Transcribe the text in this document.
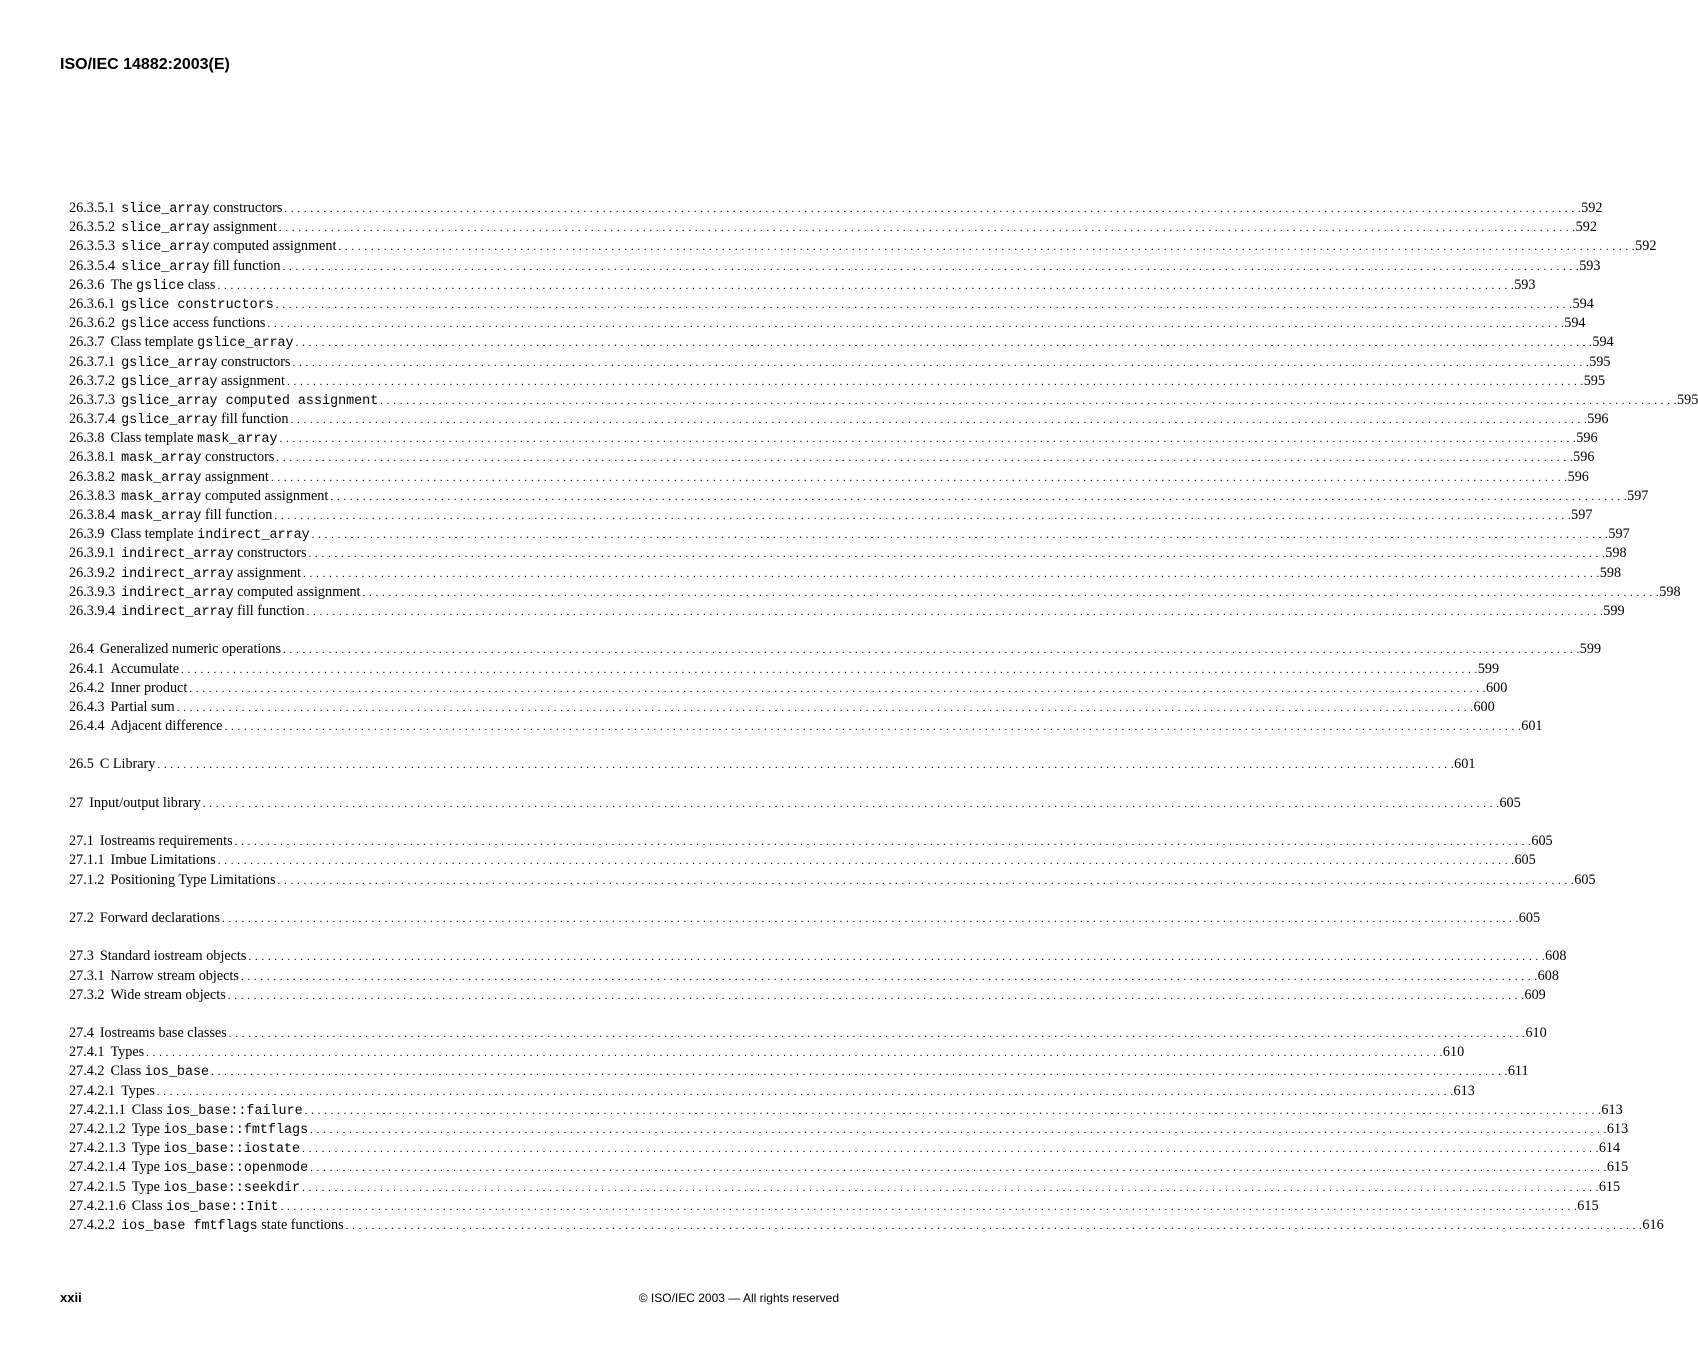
ISO/IEC 14882:2003(E)
26.3.5.1 slice_array constructors . . . . . . . . . . . . . . . . . . . . . . . . . . . . . . . . . . . . . . . . . . . . . . . . . . . . . . . . . . . . . . . . . . . . . . . . . . . . . . . . . . . . . . . . . . . . . . . . . . . . . . . . . . . . . . . . . . . . . . . . . . . . . . . . . . . . . . . . . . . . . . . . . . . . . . . . . . . . . . . . . . . . . . . . . . . . . . . . . . . . . . . . . . . . . . . . . . . . . . . . 592
26.3.5.2 slice_array assignment . . . . . . . . . . . . . . . . . . . . . . . . . . . . . . . . . . . . . . . . . . . . . . . . . . . . . . . . . . . . . . . . . . . . . . . . . . . . . . . . . . . . . . . . . . . . . . . . . . . . . . . . . . . . . . . . . . . . . . . . . . . . . . . . . . . . . . . . . . . . . . . . . . . . . . . . . . . . . . . . . . . . . . . . . . . . . . . . . . . . . . . . . . . . . . . . . . . . . . . . 592
26.3.5.3 slice_array computed assignment . . . . . . . . . . . . . . . . . . . . . . . . . . . . . . . . . . . . . . . . . . . . . . . . . . . . . . . . . . . . . . . . . . . . . . . . . . . . . . . . . . . . . . . . . . . . . . . . . . . . . . . . . . . . . . . . . . . . . . . . . . . . . . . . . . . . . . . . . . . . . . . . . . . . . . . . . . . . . . . . . . . . . . . . . . . . . . . . . . . . . . . . . . . . . . . . . . . . . . . . 592
26.3.5.4 slice_array fill function . . . . . . . . . . . . . . . . . . . . . . . . . . . . . . . . . . . . . . . . . . . . . . . . . . . . . . . . . . . . . . . . . . . . . . . . . . . . . . . . . . . . . . . . . . . . . . . . . . . . . . . . . . . . . . . . . . . . . . . . . . . . . . . . . . . . . . . . . . . . . . . . . . . . . . . . . . . . . . . . . . . . . . . . . . . . . . . . . . . . . . . . . . . . . . . . . . . . . . . . 593
26.3.6 The gslice class . . . . . . . . . . . . . . . . . . . . . . . . . . . . . . . . . . . . . . . . . . . . . . . . . . . . . . . . . . . . . . . . . . . . . . . . . . . . . . . . . . . . . . . . . . . . . . . . . . . . . . . . . . . . . . . . . . . . . . . . . . . . . . . . . . . . . . . . . . . . . . . . . . . . . . . . . . . . . . . . . . . . . . . . . . . . . . . . . . . . . . . . . . . . . . . . . . . . . . . . 593
26.3.6.1 gslice constructors . . . . . . . . . . . . . . . . . . . . . . . . . . . . . . . . . . . . . . . . . . . . . . . . . . . . . . . . . . . . . . . . . . . . . . . . . . . . . . . . . . . . . . . . . . . . . . . . . . . . . . . . . . . . . . . . . . . . . . . . . . . . . . . . . . . . . . . . . . . . . . . . . . . . . . . . . . . . . . . . . . . . . . . . . . . . . . . . . . . . . . . . . . . . . . . . . . . . . . . . 594
26.3.6.2 gslice access functions . . . . . . . . . . . . . . . . . . . . . . . . . . . . . . . . . . . . . . . . . . . . . . . . . . . . . . . . . . . . . . . . . . . . . . . . . . . . . . . . . . . . . . . . . . . . . . . . . . . . . . . . . . . . . . . . . . . . . . . . . . . . . . . . . . . . . . . . . . . . . . . . . . . . . . . . . . . . . . . . . . . . . . . . . . . . . . . . . . . . . . . . . . . . . . . . . . . . . . . . 594
26.3.7 Class template gslice_array . . . . . . . . . . . . . . . . . . . . . . . . . . . . . . . . . . . . . . . . . . . . . . . . . . . . . . . . . . . . . . . . . . . . . . . . . . . . . . . . . . . . . . . . . . . . . . . . . . . . . . . . . . . . . . . . . . . . . . . . . . . . . . . . . . . . . . . . . . . . . . . . . . . . . . . . . . . . . . . . . . . . . . . . . . . . . . . . . . . . . . . . . . . . . . . . . . . . . . . . 594
26.3.7.1 gslice_array constructors . . . . . . . . . . . . . . . . . . . . . . . . . . . . . . . . . . . . . . . . . . . . . . . . . . . . . . . . . . . . . . . . . . . . . . . . . . . . . . . . . . . . . . . . . . . . . . . . . . . . . . . . . . . . . . . . . . . . . . . . . . . . . . . . . . . . . . . . . . . . . . . . . . . . . . . . . . . . . . . . . . . . . . . . . . . . . . . . . . . . . . . . . . . . . . . . . . . . . . . . 595
26.3.7.2 gslice_array assignment . . . . . . . . . . . . . . . . . . . . . . . . . . . . . . . . . . . . . . . . . . . . . . . . . . . . . . . . . . . . . . . . . . . . . . . . . . . . . . . . . . . . . . . . . . . . . . . . . . . . . . . . . . . . . . . . . . . . . . . . . . . . . . . . . . . . . . . . . . . . . . . . . . . . . . . . . . . . . . . . . . . . . . . . . . . . . . . . . . . . . . . . . . . . . . . . . . . . . . . . 595
26.3.7.3 gslice_array computed assignment . . . . . . . . . . . . . . . . . . . . . . . . . . . . . . . . . . . . . . . . . . . . . . . . . . . . . . . . . . . . . . . . . . . . . . . . . . . . . . . . . . . . . . . . . . . . . . . . . . . . . . . . . . . . . . . . . . . . . . . . . . . . . . . . . . . . . . . . . . . . . . . . . . . . . . . . . . . . . . . . . . . . . . . . . . . . . . . . . . . . . . . . . . . . . . . . . . . . . . . . 595
26.3.7.4 gslice_array fill function . . . . . . . . . . . . . . . . . . . . . . . . . . . . . . . . . . . . . . . . . . . . . . . . . . . . . . . . . . . . . . . . . . . . . . . . . . . . . . . . . . . . . . . . . . . . . . . . . . . . . . . . . . . . . . . . . . . . . . . . . . . . . . . . . . . . . . . . . . . . . . . . . . . . . . . . . . . . . . . . . . . . . . . . . . . . . . . . . . . . . . . . . . . . . . . . . . . . . . . . 596
26.3.8 Class template mask_array . . . . . . . . . . . . . . . . . . . . . . . . . . . . . . . . . . . . . . . . . . . . . . . . . . . . . . . . . . . . . . . . . . . . . . . . . . . . . . . . . . . . . . . . . . . . . . . . . . . . . . . . . . . . . . . . . . . . . . . . . . . . . . . . . . . . . . . . . . . . . . . . . . . . . . . . . . . . . . . . . . . . . . . . . . . . . . . . . . . . . . . . . . . . . . . . . . . . . . . . 596
26.3.8.1 mask_array constructors . . . . . . . . . . . . . . . . . . . . . . . . . . . . . . . . . . . . . . . . . . . . . . . . . . . . . . . . . . . . . . . . . . . . . . . . . . . . . . . . . . . . . . . . . . . . . . . . . . . . . . . . . . . . . . . . . . . . . . . . . . . . . . . . . . . . . . . . . . . . . . . . . . . . . . . . . . . . . . . . . . . . . . . . . . . . . . . . . . . . . . . . . . . . . . . . . . . . . . . . 596
26.3.8.2 mask_array assignment . . . . . . . . . . . . . . . . . . . . . . . . . . . . . . . . . . . . . . . . . . . . . . . . . . . . . . . . . . . . . . . . . . . . . . . . . . . . . . . . . . . . . . . . . . . . . . . . . . . . . . . . . . . . . . . . . . . . . . . . . . . . . . . . . . . . . . . . . . . . . . . . . . . . . . . . . . . . . . . . . . . . . . . . . . . . . . . . . . . . . . . . . . . . . . . . . . . . . . . . 596
26.3.8.3 mask_array computed assignment . . . . . . . . . . . . . . . . . . . . . . . . . . . . . . . . . . . . . . . . . . . . . . . . . . . . . . . . . . . . . . . . . . . . . . . . . . . . . . . . . . . . . . . . . . . . . . . . . . . . . . . . . . . . . . . . . . . . . . . . . . . . . . . . . . . . . . . . . . . . . . . . . . . . . . . . . . . . . . . . . . . . . . . . . . . . . . . . . . . . . . . . . . . . . . . . . . . . . . . . 597
26.3.8.4 mask_array fill function . . . . . . . . . . . . . . . . . . . . . . . . . . . . . . . . . . . . . . . . . . . . . . . . . . . . . . . . . . . . . . . . . . . . . . . . . . . . . . . . . . . . . . . . . . . . . . . . . . . . . . . . . . . . . . . . . . . . . . . . . . . . . . . . . . . . . . . . . . . . . . . . . . . . . . . . . . . . . . . . . . . . . . . . . . . . . . . . . . . . . . . . . . . . . . . . . . . . . . . . 597
26.3.9 Class template indirect_array . . . . . . . . . . . . . . . . . . . . . . . . . . . . . . . . . . . . . . . . . . . . . . . . . . . . . . . . . . . . . . . . . . . . . . . . . . . . . . . . . . . . . . . . . . . . . . . . . . . . . . . . . . . . . . . . . . . . . . . . . . . . . . . . . . . . . . . . . . . . . . . . . . . . . . . . . . . . . . . . . . . . . . . . . . . . . . . . . . . . . . . . . . . . . . . . . . . . . . . . 597
26.3.9.1 indirect_array constructors . . . . . . . . . . . . . . . . . . . . . . . . . . . . . . . . . . . . . . . . . . . . . . . . . . . . . . . . . . . . . . . . . . . . . . . . . . . . . . . . . . . . . . . . . . . . . . . . . . . . . . . . . . . . . . . . . . . . . . . . . . . . . . . . . . . . . . . . . . . . . . . . . . . . . . . . . . . . . . . . . . . . . . . . . . . . . . . . . . . . . . . . . . . . . . . . . . . . . . . . 598
26.3.9.2 indirect_array assignment . . . . . . . . . . . . . . . . . . . . . . . . . . . . . . . . . . . . . . . . . . . . . . . . . . . . . . . . . . . . . . . . . . . . . . . . . . . . . . . . . . . . . . . . . . . . . . . . . . . . . . . . . . . . . . . . . . . . . . . . . . . . . . . . . . . . . . . . . . . . . . . . . . . . . . . . . . . . . . . . . . . . . . . . . . . . . . . . . . . . . . . . . . . . . . . . . . . . . . . . 598
26.3.9.3 indirect_array computed assignment . . . . . . . . . . . . . . . . . . . . . . . . . . . . . . . . . . . . . . . . . . . . . . . . . . . . . . . . . . . . . . . . . . . . . . . . . . . . . . . . . . . . . . . . . . . . . . . . . . . . . . . . . . . . . . . . . . . . . . . . . . . . . . . . . . . . . . . . . . . . . . . . . . . . . . . . . . . . . . . . . . . . . . . . . . . . . . . . . . . . . . . . . . . . . . . . . . . . . . . . 598
26.3.9.4 indirect_array fill function . . . . . . . . . . . . . . . . . . . . . . . . . . . . . . . . . . . . . . . . . . . . . . . . . . . . . . . . . . . . . . . . . . . . . . . . . . . . . . . . . . . . . . . . . . . . . . . . . . . . . . . . . . . . . . . . . . . . . . . . . . . . . . . . . . . . . . . . . . . . . . . . . . . . . . . . . . . . . . . . . . . . . . . . . . . . . . . . . . . . . . . . . . . . . . . . . . . . . . . . 599
26.4 Generalized numeric operations . . . . . . . . . . . . . . . . . . . . . . . . . . . . . . . . . . . . . . . . . . . . . . . . . . . . . . . . . . . . . . . . . . . . . . . . . . . . . . . . . . . . . . . . . . . . . . . . . . . . . . . . . . . . . . . . . . . . . . . . . . . . . . . . . . . . . . . . . . . . . . . . . . . . . . . . . . . . . . . . . . . . . . . . . . . . . . . . . . . . . . . . . . . . . . . . . . . . . . . . 599
26.4.1 Accumulate . . . . . . . . . . . . . . . . . . . . . . . . . . . . . . . . . . . . . . . . . . . . . . . . . . . . . . . . . . . . . . . . . . . . . . . . . . . . . . . . . . . . . . . . . . . . . . . . . . . . . . . . . . . . . . . . . . . . . . . . . . . . . . . . . . . . . . . . . . . . . . . . . . . . . . . . . . . . . . . . . . . . . . . . . . . . . . . . . . . . . . . . . . . . . . . . . . . . . . . . 599
26.4.2 Inner product . . . . . . . . . . . . . . . . . . . . . . . . . . . . . . . . . . . . . . . . . . . . . . . . . . . . . . . . . . . . . . . . . . . . . . . . . . . . . . . . . . . . . . . . . . . . . . . . . . . . . . . . . . . . . . . . . . . . . . . . . . . . . . . . . . . . . . . . . . . . . . . . . . . . . . . . . . . . . . . . . . . . . . . . . . . . . . . . . . . . . . . . . . . . . . . . . . . . . . . . 600
26.4.3 Partial sum . . . . . . . . . . . . . . . . . . . . . . . . . . . . . . . . . . . . . . . . . . . . . . . . . . . . . . . . . . . . . . . . . . . . . . . . . . . . . . . . . . . . . . . . . . . . . . . . . . . . . . . . . . . . . . . . . . . . . . . . . . . . . . . . . . . . . . . . . . . . . . . . . . . . . . . . . . . . . . . . . . . . . . . . . . . . . . . . . . . . . . . . . . . . . . . . . . . . . . . . 600
26.4.4 Adjacent difference . . . . . . . . . . . . . . . . . . . . . . . . . . . . . . . . . . . . . . . . . . . . . . . . . . . . . . . . . . . . . . . . . . . . . . . . . . . . . . . . . . . . . . . . . . . . . . . . . . . . . . . . . . . . . . . . . . . . . . . . . . . . . . . . . . . . . . . . . . . . . . . . . . . . . . . . . . . . . . . . . . . . . . . . . . . . . . . . . . . . . . . . . . . . . . . . . . . . . . . . 601
26.5 C Library . . . . . . . . . . . . . . . . . . . . . . . . . . . . . . . . . . . . . . . . . . . . . . . . . . . . . . . . . . . . . . . . . . . . . . . . . . . . . . . . . . . . . . . . . . . . . . . . . . . . . . . . . . . . . . . . . . . . . . . . . . . . . . . . . . . . . . . . . . . . . . . . . . . . . . . . . . . . . . . . . . . . . . . . . . . . . . . . . . . . . . . . . . . . . . . . . . . . . . . . 601
27 Input/output library . . . . . . . . . . . . . . . . . . . . . . . . . . . . . . . . . . . . . . . . . . . . . . . . . . . . . . . . . . . . . . . . . . . . . . . . . . . . . . . . . . . . . . . . . . . . . . . . . . . . . . . . . . . . . . . . . . . . . . . . . . . . . . . . . . . . . . . . . . . . . . . . . . . . . . . . . . . . . . . . . . . . . . . . . . . . . . . . . . . . . . . . . . . . . . . . . . . . . . . . 605
27.1 Iostreams requirements . . . . . . . . . . . . . . . . . . . . . . . . . . . . . . . . . . . . . . . . . . . . . . . . . . . . . . . . . . . . . . . . . . . . . . . . . . . . . . . . . . . . . . . . . . . . . . . . . . . . . . . . . . . . . . . . . . . . . . . . . . . . . . . . . . . . . . . . . . . . . . . . . . . . . . . . . . . . . . . . . . . . . . . . . . . . . . . . . . . . . . . . . . . . . . . . . . . . . . . . 605
27.1.1 Imbue Limitations . . . . . . . . . . . . . . . . . . . . . . . . . . . . . . . . . . . . . . . . . . . . . . . . . . . . . . . . . . . . . . . . . . . . . . . . . . . . . . . . . . . . . . . . . . . . . . . . . . . . . . . . . . . . . . . . . . . . . . . . . . . . . . . . . . . . . . . . . . . . . . . . . . . . . . . . . . . . . . . . . . . . . . . . . . . . . . . . . . . . . . . . . . . . . . . . . . . . . . . . 605
27.1.2 Positioning Type Limitations . . . . . . . . . . . . . . . . . . . . . . . . . . . . . . . . . . . . . . . . . . . . . . . . . . . . . . . . . . . . . . . . . . . . . . . . . . . . . . . . . . . . . . . . . . . . . . . . . . . . . . . . . . . . . . . . . . . . . . . . . . . . . . . . . . . . . . . . . . . . . . . . . . . . . . . . . . . . . . . . . . . . . . . . . . . . . . . . . . . . . . . . . . . . . . . . . . . . . . . . 605
27.2 Forward declarations . . . . . . . . . . . . . . . . . . . . . . . . . . . . . . . . . . . . . . . . . . . . . . . . . . . . . . . . . . . . . . . . . . . . . . . . . . . . . . . . . . . . . . . . . . . . . . . . . . . . . . . . . . . . . . . . . . . . . . . . . . . . . . . . . . . . . . . . . . . . . . . . . . . . . . . . . . . . . . . . . . . . . . . . . . . . . . . . . . . . . . . . . . . . . . . . . . . . . . . . 605
27.3 Standard iostream objects . . . . . . . . . . . . . . . . . . . . . . . . . . . . . . . . . . . . . . . . . . . . . . . . . . . . . . . . . . . . . . . . . . . . . . . . . . . . . . . . . . . . . . . . . . . . . . . . . . . . . . . . . . . . . . . . . . . . . . . . . . . . . . . . . . . . . . . . . . . . . . . . . . . . . . . . . . . . . . . . . . . . . . . . . . . . . . . . . . . . . . . . . . . . . . . . . . . . . . . . 608
27.3.1 Narrow stream objects . . . . . . . . . . . . . . . . . . . . . . . . . . . . . . . . . . . . . . . . . . . . . . . . . . . . . . . . . . . . . . . . . . . . . . . . . . . . . . . . . . . . . . . . . . . . . . . . . . . . . . . . . . . . . . . . . . . . . . . . . . . . . . . . . . . . . . . . . . . . . . . . . . . . . . . . . . . . . . . . . . . . . . . . . . . . . . . . . . . . . . . . . . . . . . . . . . . . . . . . 608
27.3.2 Wide stream objects . . . . . . . . . . . . . . . . . . . . . . . . . . . . . . . . . . . . . . . . . . . . . . . . . . . . . . . . . . . . . . . . . . . . . . . . . . . . . . . . . . . . . . . . . . . . . . . . . . . . . . . . . . . . . . . . . . . . . . . . . . . . . . . . . . . . . . . . . . . . . . . . . . . . . . . . . . . . . . . . . . . . . . . . . . . . . . . . . . . . . . . . . . . . . . . . . . . . . . . . 609
27.4 Iostreams base classes . . . . . . . . . . . . . . . . . . . . . . . . . . . . . . . . . . . . . . . . . . . . . . . . . . . . . . . . . . . . . . . . . . . . . . . . . . . . . . . . . . . . . . . . . . . . . . . . . . . . . . . . . . . . . . . . . . . . . . . . . . . . . . . . . . . . . . . . . . . . . . . . . . . . . . . . . . . . . . . . . . . . . . . . . . . . . . . . . . . . . . . . . . . . . . . . . . . . . . . . 610
27.4.1 Types . . . . . . . . . . . . . . . . . . . . . . . . . . . . . . . . . . . . . . . . . . . . . . . . . . . . . . . . . . . . . . . . . . . . . . . . . . . . . . . . . . . . . . . . . . . . . . . . . . . . . . . . . . . . . . . . . . . . . . . . . . . . . . . . . . . . . . . . . . . . . . . . . . . . . . . . . . . . . . . . . . . . . . . . . . . . . . . . . . . . . . . . . . . . . . . . . . . . . . . . 610
27.4.2 Class ios_base . . . . . . . . . . . . . . . . . . . . . . . . . . . . . . . . . . . . . . . . . . . . . . . . . . . . . . . . . . . . . . . . . . . . . . . . . . . . . . . . . . . . . . . . . . . . . . . . . . . . . . . . . . . . . . . . . . . . . . . . . . . . . . . . . . . . . . . . . . . . . . . . . . . . . . . . . . . . . . . . . . . . . . . . . . . . . . . . . . . . . . . . . . . . . . . . . . . . . . . . 611
27.4.2.1 Types . . . . . . . . . . . . . . . . . . . . . . . . . . . . . . . . . . . . . . . . . . . . . . . . . . . . . . . . . . . . . . . . . . . . . . . . . . . . . . . . . . . . . . . . . . . . . . . . . . . . . . . . . . . . . . . . . . . . . . . . . . . . . . . . . . . . . . . . . . . . . . . . . . . . . . . . . . . . . . . . . . . . . . . . . . . . . . . . . . . . . . . . . . . . . . . . . . . . . . . . 613
27.4.2.1.1 Class ios_base::failure . . . . . . . . . . . . . . . . . . . . . . . . . . . . . . . . . . . . . . . . . . . . . . . . . . . . . . . . . . . . . . . . . . . . . . . . . . . . . . . . . . . . . . . . . . . . . . . . . . . . . . . . . . . . . . . . . . . . . . . . . . . . . . . . . . . . . . . . . . . . . . . . . . . . . . . . . . . . . . . . . . . . . . . . . . . . . . . . . . . . . . . . . . . . . . . . . . . . . . . . 613
27.4.2.1.2 Type ios_base::fmtflags . . . . . . . . . . . . . . . . . . . . . . . . . . . . . . . . . . . . . . . . . . . . . . . . . . . . . . . . . . . . . . . . . . . . . . . . . . . . . . . . . . . . . . . . . . . . . . . . . . . . . . . . . . . . . . . . . . . . . . . . . . . . . . . . . . . . . . . . . . . . . . . . . . . . . . . . . . . . . . . . . . . . . . . . . . . . . . . . . . . . . . . . . . . . . . . . . . . . . . . . 613
27.4.2.1.3 Type ios_base::iostate . . . . . . . . . . . . . . . . . . . . . . . . . . . . . . . . . . . . . . . . . . . . . . . . . . . . . . . . . . . . . . . . . . . . . . . . . . . . . . . . . . . . . . . . . . . . . . . . . . . . . . . . . . . . . . . . . . . . . . . . . . . . . . . . . . . . . . . . . . . . . . . . . . . . . . . . . . . . . . . . . . . . . . . . . . . . . . . . . . . . . . . . . . . . . . . . . . . . . . . . 614
27.4.2.1.4 Type ios_base::openmode . . . . . . . . . . . . . . . . . . . . . . . . . . . . . . . . . . . . . . . . . . . . . . . . . . . . . . . . . . . . . . . . . . . . . . . . . . . . . . . . . . . . . . . . . . . . . . . . . . . . . . . . . . . . . . . . . . . . . . . . . . . . . . . . . . . . . . . . . . . . . . . . . . . . . . . . . . . . . . . . . . . . . . . . . . . . . . . . . . . . . . . . . . . . . . . . . . . . . . . . 615
27.4.2.1.5 Type ios_base::seekdir . . . . . . . . . . . . . . . . . . . . . . . . . . . . . . . . . . . . . . . . . . . . . . . . . . . . . . . . . . . . . . . . . . . . . . . . . . . . . . . . . . . . . . . . . . . . . . . . . . . . . . . . . . . . . . . . . . . . . . . . . . . . . . . . . . . . . . . . . . . . . . . . . . . . . . . . . . . . . . . . . . . . . . . . . . . . . . . . . . . . . . . . . . . . . . . . . . . . . . . . 615
27.4.2.1.6 Class ios_base::Init . . . . . . . . . . . . . . . . . . . . . . . . . . . . . . . . . . . . . . . . . . . . . . . . . . . . . . . . . . . . . . . . . . . . . . . . . . . . . . . . . . . . . . . . . . . . . . . . . . . . . . . . . . . . . . . . . . . . . . . . . . . . . . . . . . . . . . . . . . . . . . . . . . . . . . . . . . . . . . . . . . . . . . . . . . . . . . . . . . . . . . . . . . . . . . . . . . . . . . . . 615
27.4.2.2 ios_base fmtflags state functions . . . . . . . . . . . . . . . . . . . . . . . . . . . . . . . . . . . . . . . . . . . . . . . . . . . . . . . . . . . . . . . . . . . . . . . . . . . . . . . . . . . . . . . . . . . . . . . . . . . . . . . . . . . . . . . . . . . . . . . . . . . . . . . . . . . . . . . . . . . . . . . . . . . . . . . . . . . . . . . . . . . . . . . . . . . . . . . . . . . . . . . . . . . . . . . . . . . . . . . . 616
xxii	© ISO/IEC 2003 — All rights reserved
